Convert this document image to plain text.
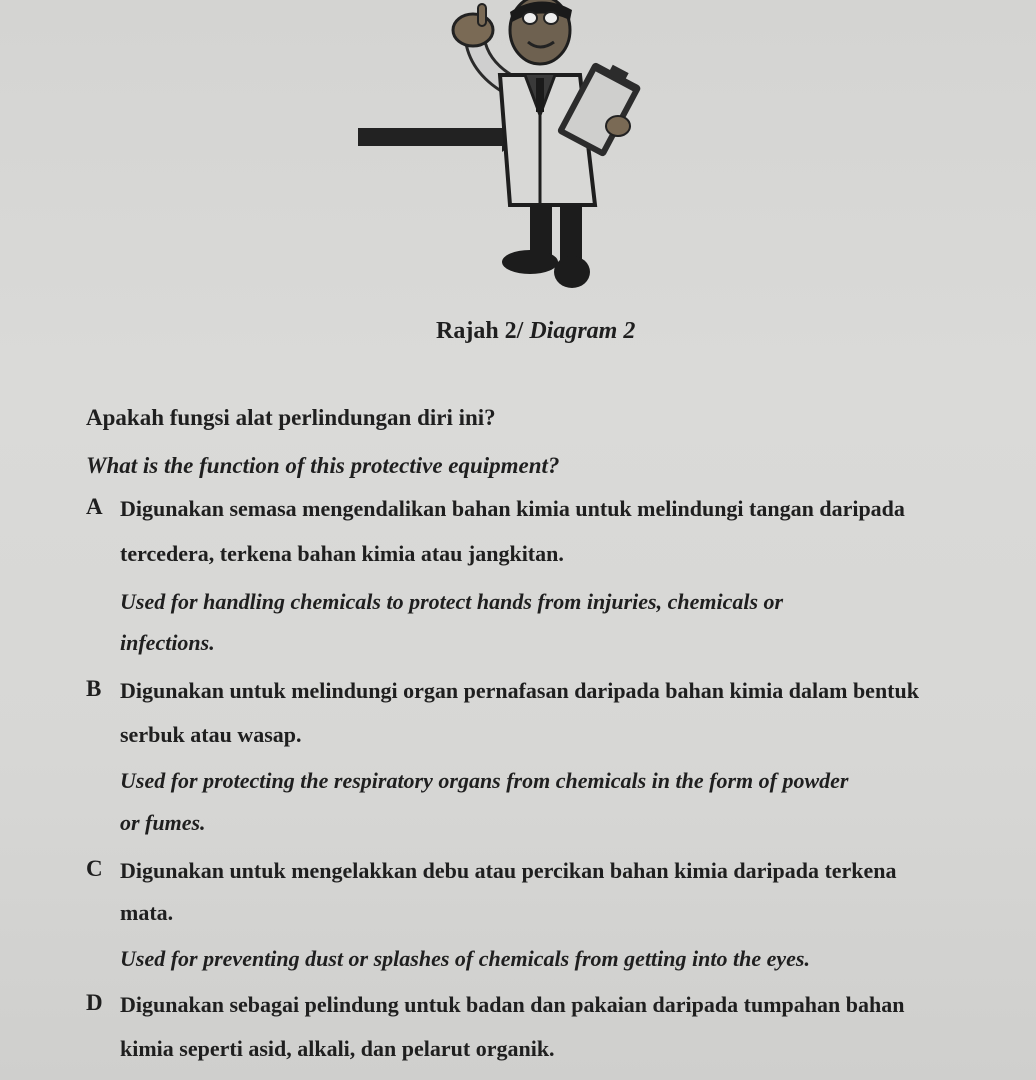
Rajah 2/ Diagram 2
Apakah fungsi alat perlindungan diri ini?
What is the function of this protective equipment?
A Digunakan semasa mengendalikan bahan kimia untuk melindungi tangan daripada
tercedera, terkena bahan kimia atau jangkitan.
Used for handling chemicals to protect hands from injuries, chemicals or
infections.
B Digunakan untuk melindungi organ pernafasan daripada bahan kimia dalam bentuk
serbuk atau wasap.
Used for protecting the respiratory organs from chemicals in the form of powder
or fumes.
C Digunakan untuk mengelakkan debu atau percikan bahan kimia daripada terkena
mata.
Used for preventing dust or splashes of chemicals from getting into the eyes.
D Digunakan sebagai pelindung untuk badan dan pakaian daripada tumpahan bahan
kimia seperti asid, alkali, dan pelarut organik.
